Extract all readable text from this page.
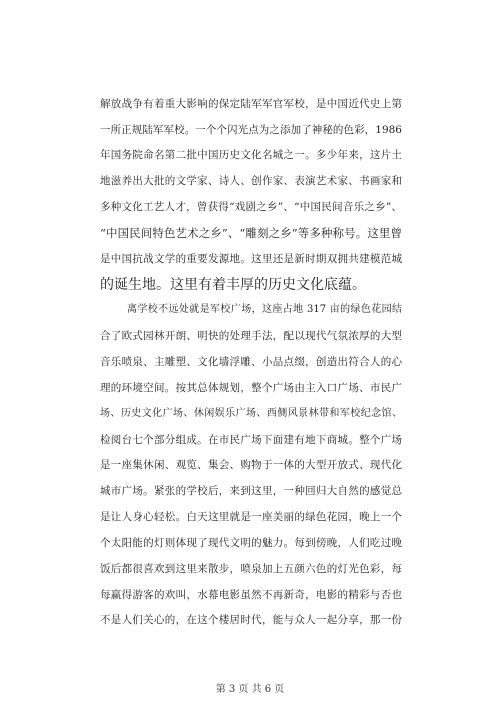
解放战争有着重大影响的保定陆军军官军校，是中国近代史上第
一所正规陆军军校。一个个闪光点为之添加了神秘的色彩，1986
年国务院命名第二批中国历史文化名城之一。多少年来，这片土
地滋养出大批的文学家、诗人、创作家、表演艺术家、书画家和
多种文化工艺人才，曾获得“戏剧之乡”、“中国民间音乐之乡”、
“中国民间特色艺术之乡”、“雕刻之乡”等多种称号。这里曾
是中国抗战文学的重要发源地。这里还是新时期双拥共建模范城
的诞生地。这里有着丰厚的历史文化底蕴。
离学校不远处就是军校广场，这座占地 317 亩的绿色花园结
合了欧式园林开朗、明快的处理手法，配以现代气氛浓厚的大型
音乐喷泉、主雕塑、文化墙浮雕、小品点缀，创造出符合人的心
理的环境空间。按其总体规划，整个广场由主入口广场、市民广
场、历史文化广场、休闲娱乐广场、西侧风景林带和军校纪念馆、
检阅台七个部分组成。在市民广场下面建有地下商城。整个广场
是一座集休闲、观览、集会、购物于一体的大型开放式、现代化
城市广场。紧张的学校后，来到这里，一种回归大自然的感觉总
是让人身心轻松。白天这里就是一座美丽的绿色花园，晚上一个
个太阳能的灯则体现了现代文明的魅力。每到傍晚，人们吃过晚
饭后都很喜欢到这里来散步，喷泉加上五颜六色的灯光色彩，每
每赢得游客的欢叫，水幕电影虽然不再新奇，电影的精彩与否也
不是人们关心的，在这个楼居时代，能与众人一起分享，那一份
第 3 页 共 6 页
